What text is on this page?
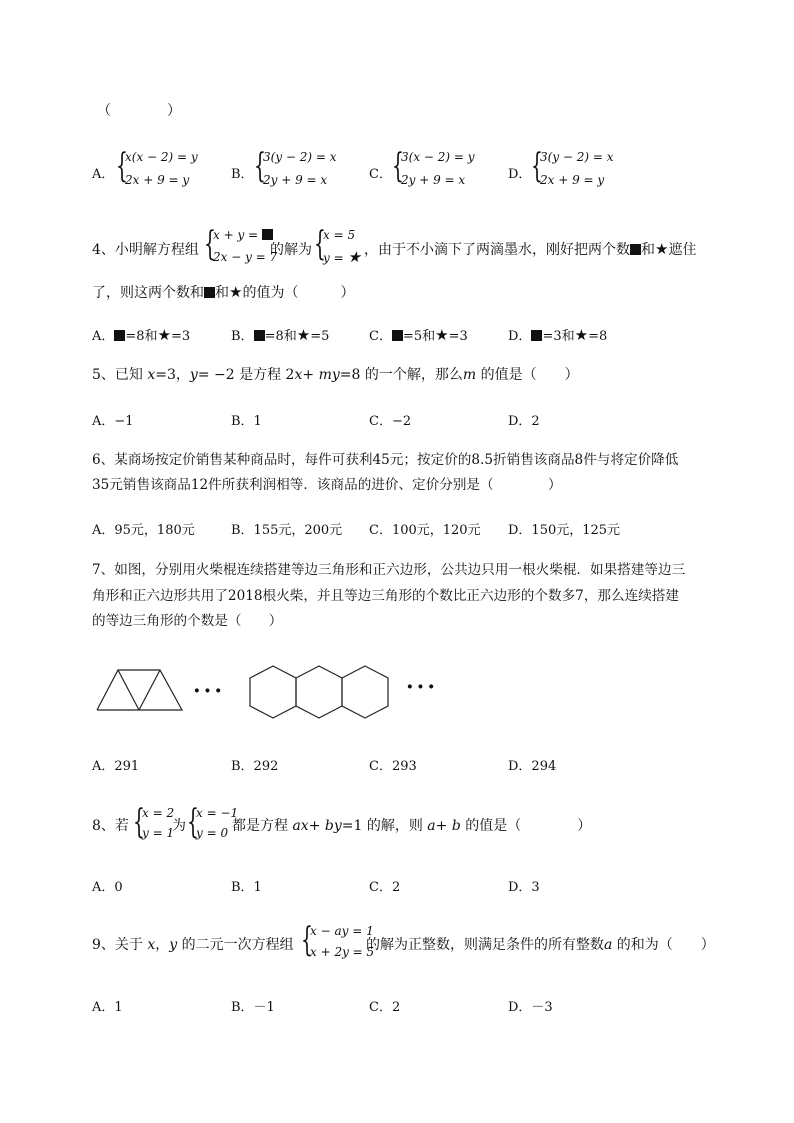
（　　　　）
A． {
x(x − 2) = y
2x + 9 = y	B． {
3(y − 2) = x
2y + 9 = x	C． {
3(x − 2) = y
2y + 9 = x	D． {
3(y − 2) = x
2x + 9 = y
4、小明解方程组 {
x + y =
2x − y = 7
的解为 {
x = 5
y = ★ ，由于不小滴下了两滴墨水，刚好把两个数 和★遮住
了，则这两个数和 和★的值为（　　　）
A． =8和★=3	B． =8和★=5	C． =5和★=3	D． =3和★=8
5、已知 x=3，y= −2 是方程 2x+ my=8 的一个解，那么m 的值是（　　）
A．−1	B．1	C．−2	D．2
6、某商场按定价销售某种商品时，每件可获利45元；按定价的8.5折销售该商品8件与将定价降低
35元销售该商品12件所获利润相等．该商品的进价、定价分别是（　　　　）
A．95元，180元	B．155元，200元 C．100元，120元 D．150元，125元
7、如图，分别用火柴棍连续搭建等边三角形和正六边形，公共边只用一根火柴棍．如果搭建等边三
角形和正六边形共用了2018根火柴，并且等边三角形的个数比正六边形的个数多7，那么连续搭建
的等边三角形的个数是（　　）
···	···
A．291	B．292	C．293	D．294
8、若 {
x = 2
y = 1
为 {
x = −1
y = 0 都是方程 ax+ by=1 的解，则 a+ b 的值是（　　　　）
A．0	B．1	C．2	D．3
9、关于 x，y 的二元一次方程组 {
x − ay = 1
x + 2y = 5
的解为正整数，则满足条件的所有整数a 的和为（　　）
A．1	B．－1	C．2	D．－3
